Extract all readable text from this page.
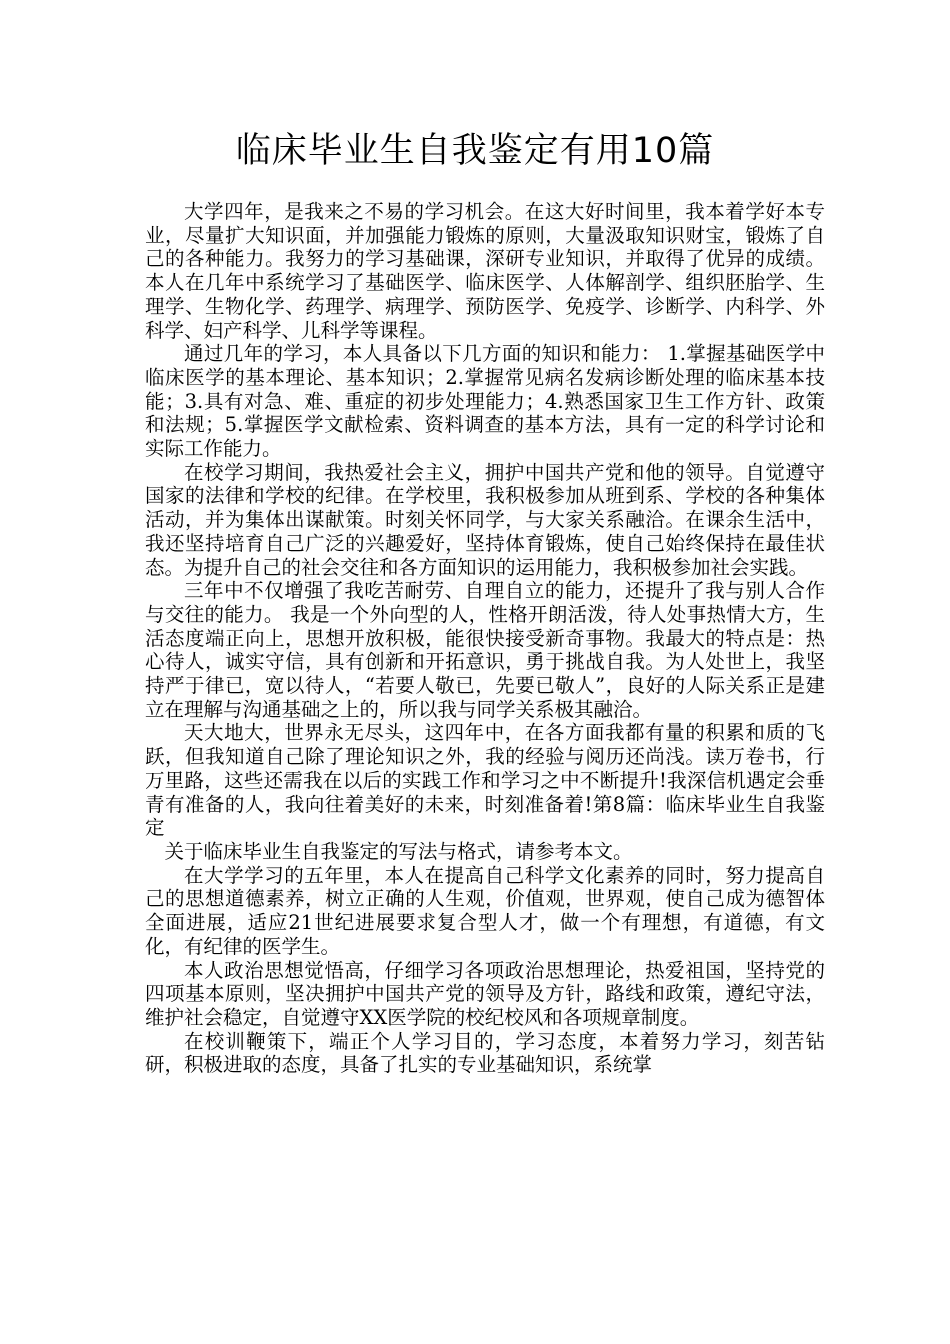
临床毕业生自我鉴定有用10篇

大学四年，是我来之不易的学习机会。在这大好时间里，我本着学好本专业，尽量扩大知识面，并加强能力锻炼的原则，大量汲取知识财宝，锻炼了自己的各种能力。我努力的学习基础课，深研专业知识，并取得了优异的成绩。本人在几年中系统学习了基础医学、临床医学、人体解剖学、组织胚胎学、生理学、生物化学、药理学、病理学、预防医学、免疫学、诊断学、内科学、外科学、妇产科学、儿科学等课程。

通过几年的学习，本人具备以下几方面的知识和能力： 1.掌握基础医学中临床医学的基本理论、基本知识；2.掌握常见病名发病诊断处理的临床基本技能；3.具有对急、难、重症的初步处理能力；4.熟悉国家卫生工作方针、政策和法规；5.掌握医学文献检索、资料调查的基本方法，具有一定的科学讨论和实际工作能力。

在校学习期间，我热爱社会主义，拥护中国共产党和他的领导。自觉遵守国家的法律和学校的纪律。在学校里，我积极参加从班到系、学校的各种集体活动，并为集体出谋献策。时刻关怀同学，与大家关系融洽。在课余生活中，我还坚持培育自己广泛的兴趣爱好，坚持体育锻炼，使自己始终保持在最佳状态。为提升自己的社会交往和各方面知识的运用能力，我积极参加社会实践。

三年中不仅增强了我吃苦耐劳、自理自立的能力，还提升了我与别人合作与交往的能力。 我是一个外向型的人，性格开朗活泼，待人处事热情大方，生活态度端正向上，思想开放积极，能很快接受新奇事物。我最大的特点是：热心待人，诚实守信，具有创新和开拓意识，勇于挑战自我。为人处世上，我坚持严于律已，宽以待人，“若要人敬已，先要已敬人”，良好的人际关系正是建立在理解与沟通基础之上的，所以我与同学关系极其融洽。

天大地大，世界永无尽头，这四年中，在各方面我都有量的积累和质的飞跃，但我知道自己除了理论知识之外，我的经验与阅历还尚浅。读万卷书，行万里路，这些还需我在以后的实践工作和学习之中不断提升!我深信机遇定会垂青有准备的人，我向往着美好的未来，时刻准备着!第8篇：临床毕业生自我鉴定

关于临床毕业生自我鉴定的写法与格式，请参考本文。

在大学学习的五年里，本人在提高自己科学文化素养的同时，努力提高自己的思想道德素养，树立正确的人生观，价值观，世界观，使自己成为德智体全面进展，适应21世纪进展要求复合型人才，做一个有理想，有道德，有文化，有纪律的医学生。

本人政治思想觉悟高，仔细学习各项政治思想理论，热爱祖国，坚持党的四项基本原则，坚决拥护中国共产党的领导及方针，路线和政策，遵纪守法，维护社会稳定，自觉遵守XX医学院的校纪校风和各项规章制度。

在校训鞭策下，端正个人学习目的，学习态度，本着努力学习，刻苦钻研，积极进取的态度，具备了扎实的专业基础知识，系统掌
